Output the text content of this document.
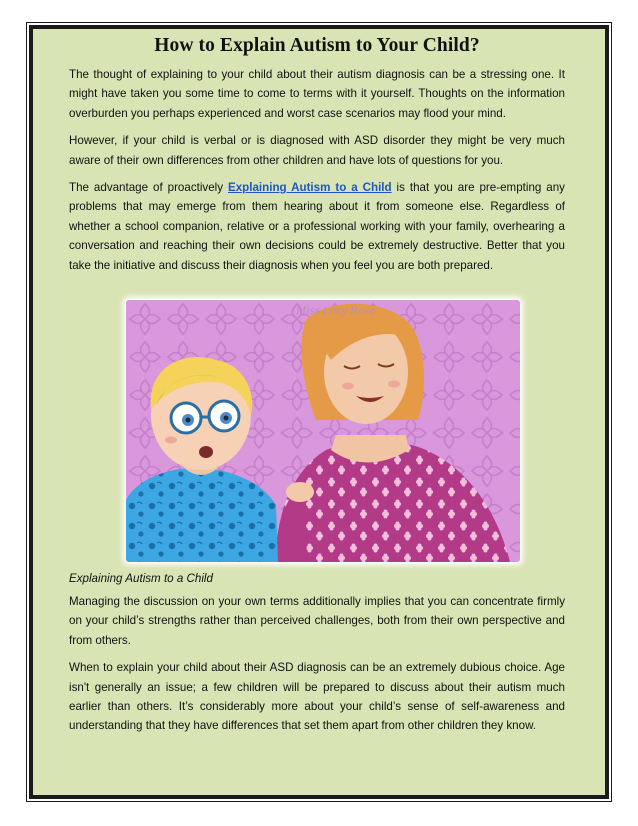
How to Explain Autism to Your Child?

The thought of explaining to your child about their autism diagnosis can be a stressing one. It might have taken you some time to come to terms with it yourself. Thoughts on the information overburden you perhaps experienced and worst case scenarios may flood your mind.

However, if your child is verbal or is diagnosed with ASD disorder they might be very much aware of their own differences from other children and have lots of questions for you.

The advantage of proactively Explaining Autism to a Child is that you are pre-empting any problems that may emerge from them hearing about it from someone else. Regardless of whether a school companion, relative or a professional working with your family, overhearing a conversation and reaching their own decisions could be extremely destructive. Better that you take the initiative and discuss their diagnosis when you feel you are both prepared.

Miss Lucy Rose
Explaining Autism to a Child

Managing the discussion on your own terms additionally implies that you can concentrate firmly on your child’s strengths rather than perceived challenges, both from their own perspective and from others.

When to explain your child about their ASD diagnosis can be an extremely dubious choice. Age isn't generally an issue; a few children will be prepared to discuss about their autism much earlier than others. It’s considerably more about your child’s sense of self-awareness and understanding that they have differences that set them apart from other children they know.
